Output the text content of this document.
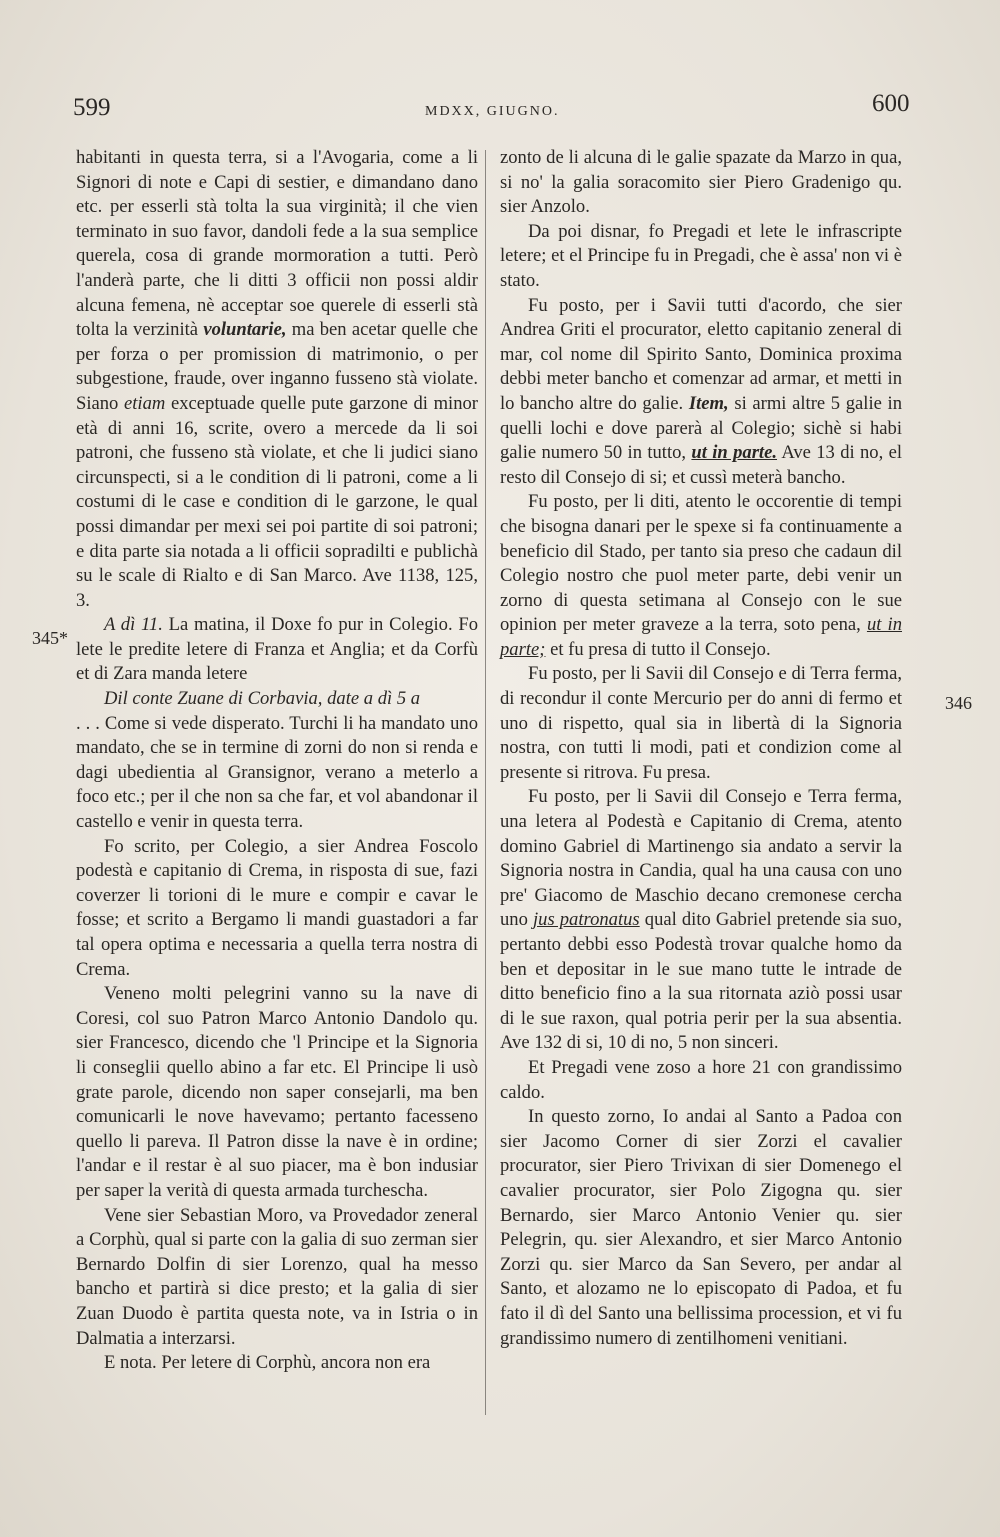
599	MDXX, GIUGNO.	600
345*
346

habitanti in questa terra, si a l'Avogaria, come a li Signori di note e Capi di sestier, e dimandano dano etc. per esserli stà tolta la sua virginità; il che vien terminato in suo favor, dandoli fede a la sua semplice querela, cosa di grande mormoration a tutti. Però l'anderà parte, che li ditti 3 officii non possi aldir alcuna femena, nè acceptar soe querele di esserli stà tolta la verzinità voluntarie, ma ben acetar quelle che per forza o per promission di matrimonio, o per subgestione, fraude, over inganno fusseno stà violate. Siano etiam exceptuade quelle pute garzone di minor età di anni 16, scrite, overo a mercede da li soi patroni, che fusseno stà violate, et che li judici siano circunspecti, si a le condition di li patroni, come a li costumi di le case e condition di le garzone, le qual possi dimandar per mexi sei poi partite di soi patroni; e dita parte sia notada a li officii sopradilti e publichà su le scale di Rialto e di San Marco. Ave 1138, 125, 3.

A dì 11. La matina, il Doxe fo pur in Colegio. Fo lete le predite letere di Franza et Anglia; et da Corfù et di Zara manda letere

Dil conte Zuane di Corbavia, date a dì 5 a

. . . Come si vede disperato. Turchi li ha mandato uno mandato, che se in termine di zorni do non si renda e dagi ubedientia al Gransignor, verano a meterlo a foco etc.; per il che non sa che far, et vol abandonar il castello e venir in questa terra.

Fo scrito, per Colegio, a sier Andrea Foscolo podestà e capitanio di Crema, in risposta di sue, fazi coverzer li torioni di le mure e compir e cavar le fosse; et scrito a Bergamo li mandi guastadori a far tal opera optima e necessaria a quella terra nostra di Crema.

Veneno molti pelegrini vanno su la nave di Coresi, col suo Patron Marco Antonio Dandolo qu. sier Francesco, dicendo che 'l Principe et la Signoria li conseglii quello abino a far etc. El Principe li usò grate parole, dicendo non saper consejarli, ma ben comunicarli le nove havevamo; pertanto facesseno quello li pareva. Il Patron disse la nave è in ordine; l'andar e il restar è al suo piacer, ma è bon indusiar per saper la verità di questa armada turchescha.

Vene sier Sebastian Moro, va Provedador zeneral a Corphù, qual si parte con la galia di suo zerman sier Bernardo Dolfin di sier Lorenzo, qual ha messo bancho et partirà si dice presto; et la galia di sier Zuan Duodo è partita questa note, va in Istria o in Dalmatia a interzarsi.

E nota. Per letere di Corphù, ancora non era

zonto de li alcuna di le galie spazate da Marzo in qua, si no' la galia soracomito sier Piero Gradenigo qu. sier Anzolo.

Da poi disnar, fo Pregadi et lete le infrascripte letere; et el Principe fu in Pregadi, che è assa' non vi è stato.

Fu posto, per i Savii tutti d'acordo, che sier Andrea Griti el procurator, eletto capitanio zeneral di mar, col nome dil Spirito Santo, Dominica proxima debbi meter bancho et comenzar ad armar, et metti in lo bancho altre do galie. Item, si armi altre 5 galie in quelli lochi e dove parerà al Colegio; sichè si habi galie numero 50 in tutto, ut in parte. Ave 13 di no, el resto dil Consejo di si; et cussì meterà bancho.

Fu posto, per li diti, atento le occorentie di tempi che bisogna danari per le spexe si fa continuamente a beneficio dil Stado, per tanto sia preso che cadaun dil Colegio nostro che puol meter parte, debi venir un zorno di questa setimana al Consejo con le sue opinion per meter graveze a la terra, soto pena, ut in parte; et fu presa di tutto il Consejo.

Fu posto, per li Savii dil Consejo e di Terra ferma, di recondur il conte Mercurio per do anni di fermo et uno di rispetto, qual sia in libertà di la Signoria nostra, con tutti li modi, pati et condizion come al presente si ritrova. Fu presa.

Fu posto, per li Savii dil Consejo e Terra ferma, una letera al Podestà e Capitanio di Crema, atento domino Gabriel di Martinengo sia andato a servir la Signoria nostra in Candia, qual ha una causa con uno pre' Giacomo de Maschio decano cremonese cercha uno jus patronatus qual dito Gabriel pretende sia suo, pertanto debbi esso Podestà trovar qualche homo da ben et depositar in le sue mano tutte le intrade de ditto beneficio fino a la sua ritornata aziò possi usar di le sue raxon, qual potria perir per la sua absentia. Ave 132 di si, 10 di no, 5 non sinceri.

Et Pregadi vene zoso a hore 21 con grandissimo caldo.

In questo zorno, Io andai al Santo a Padoa con sier Jacomo Corner di sier Zorzi el cavalier procurator, sier Piero Trivixan di sier Domenego el cavalier procurator, sier Polo Zigogna qu. sier Bernardo, sier Marco Antonio Venier qu. sier Pelegrin, qu. sier Alexandro, et sier Marco Antonio Zorzi qu. sier Marco da San Severo, per andar al Santo, et alozamo ne lo episcopato di Padoa, et fu fato il dì del Santo una bellissima procession, et vi fu grandissimo numero di zentilhomeni venitiani.
